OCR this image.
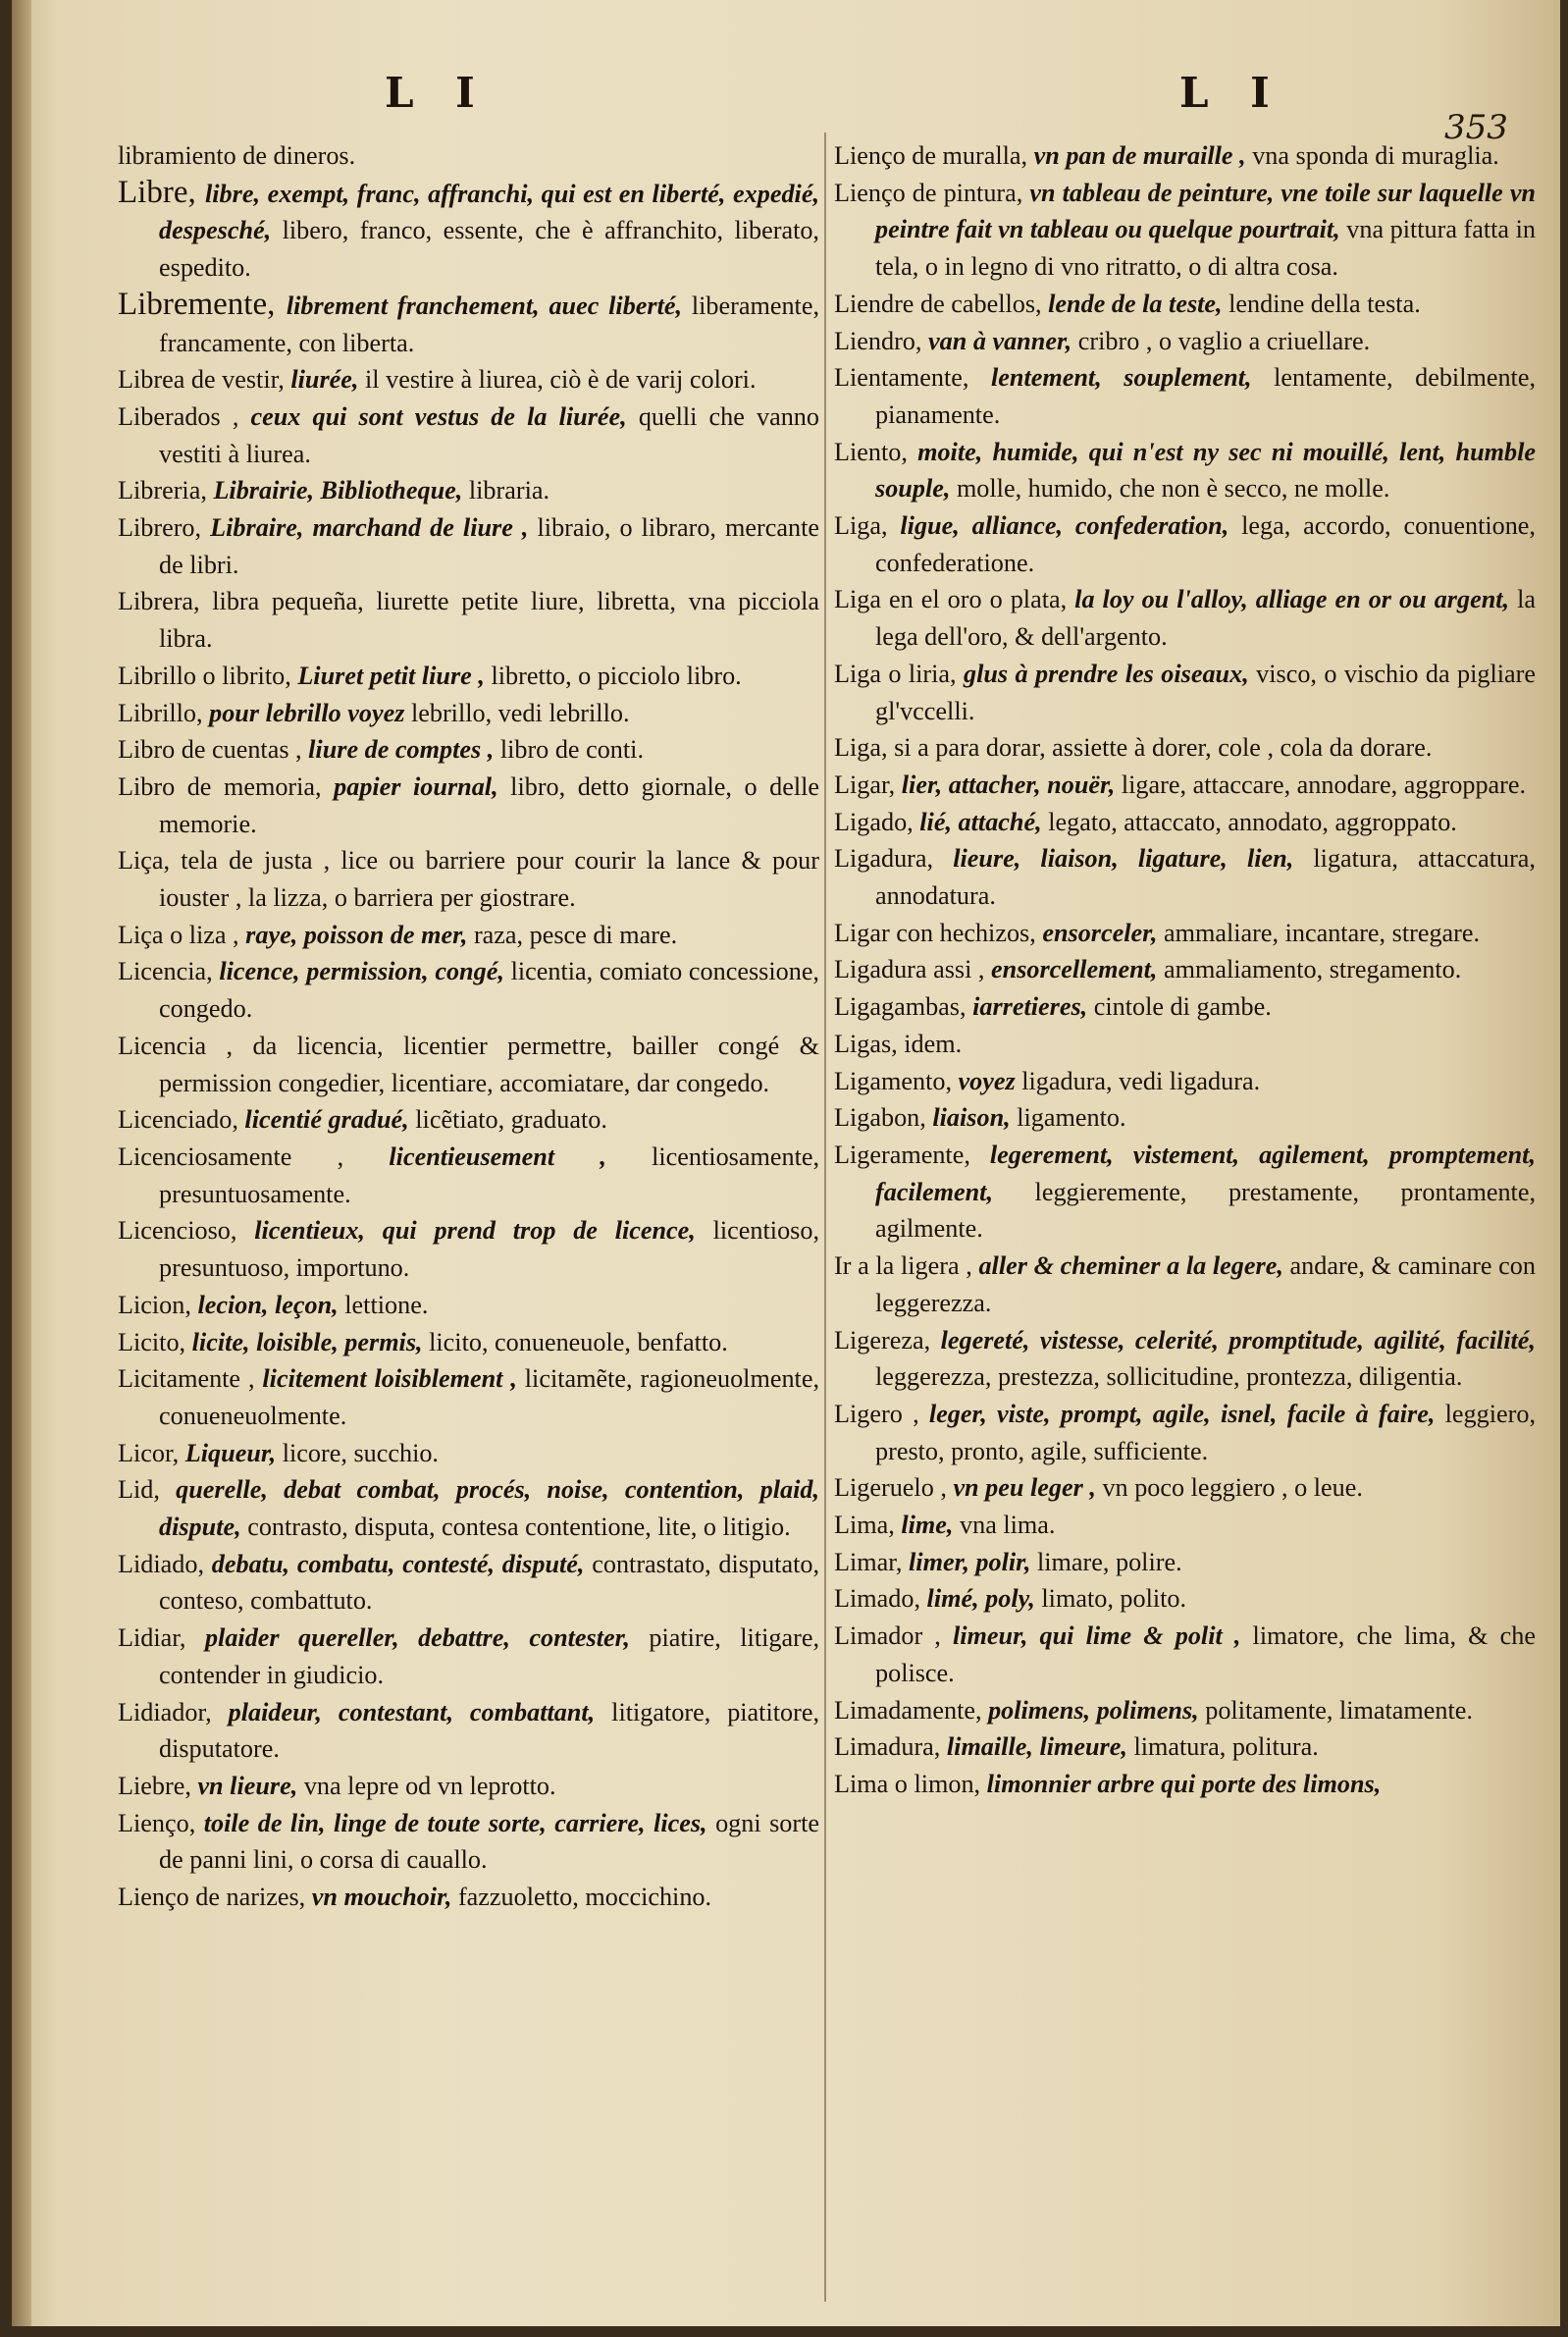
L I	L I
353
libramiento de dineros.
Libre, libre, exempt, franc, affranchi, qui est en liberté, expedié, despesché, libero, franco, essente, che è affranchito, liberato, espedito.
Libremente, librement franchement, auec liberté, liberamente, francamente, con liberta.
Librea de vestir, liurée, il vestire à liurea, ciò è de varij colori.
Liberados , ceux qui sont vestus de la liurée, quelli che vanno vestiti à liurea.
Libreria, Librairie, Bibliotheque, libraria.
Librero, Libraire, marchand de liure , libraio, o libraro, mercante de libri.
Librera, libra pequeña, liurette petite liure, librettа, vna picciola libra.
Librillo o librito, Liuret petit liure , libretto, o picciolo libro.
Librillo, pour lebrillo voyez lebrillo, vedi lebrillo.
Libro de cuentas , liure de comptes , libro de conti.
Libro de memoria, papier iournal, libro, detto giornale, o delle memorie.
Liça, tela de justa , lice ou barriere pour courir la lance & pour iouster , la lizza, o barriera per giostrare.
Liça o liza , raye, poisson de mer, raza, pesce di mare.
Licencia, licence, permission, congé, licentia, comiato concessione, congedo.
Licencia , da licencia, licentier permettre, bailler congé & permission congedier, licentiare, accomiatare, dar congedo.
Licenciado, licentié gradué, licẽtiato, graduato.
Licenciosamente , licentieusement , licentiosamente, presuntuosamente.
Licencioso, licentieux, qui prend trop de licence, licentioso, presuntuoso, importuno.
Licion, lecion, leçon, lettione.
Licito, licite, loisible, permis, licito, conueneuole, benfatto.
Licitamente , licitement loisiblement , licitamẽte, ragioneuolmente, conueneuolmente.
Licor, Liqueur, licore, succhio.
Lid, querelle, debat combat, procés, noise, contention, plaid, dispute, contrasto, disputa, contesa contentione, lite, o litigio.
Lidiado, debatu, combatu, contesté, disputé, contrastato, disputato, conteso, combattuto.
Lidiar, plaider quereller, debattre, contester, piatire, litigare, contender in giudicio.
Lidiador, plaideur, contestant, combattant, litigatore, piatitore, disputatore.
Liebre, vn lieure, vna lepre od vn leprotto.
Lienço, toile de lin, linge de toute sorte, carriere, lices, ogni sorte de panni lini, o corsa di cauallo.
Lienço de narizes, vn mouchoir, fazzuoletto, moccichino.
Lienço de muralla, vn pan de muraille , vna sponda di muraglia.
Lienço de pintura, vn tableau de peinture, vne toile sur laquelle vn peintre fait vn tableau ou quelque pourtrait, vna pittura fatta in tela, o in legno di vno ritratto, o di altra cosa.
Liendre de cabellos, lende de la teste, lendine della testa.
Liendro, van à vanner, cribro , o vaglio a criuellare.
Lientamente, lentement, souplement, lentamente, debilmente, pianamente.
Liento, moite, humide, qui n'est ny sec ni mouillé, lent, humble souple, molle, humido, che non è secco, ne molle.
Liga, ligue, alliance, confederation, lega, accordo, conuentione, confederatione.
Liga en el oro o plata, la loy ou l'alloy, alliage en or ou argent, la lega dell'oro, & dell'argento.
Liga o liria, glus à prendre les oiseaux, visco, o vischio da pigliare gl'vccelli.
Liga, si a para dorar, assiette à dorer, cole , cola da dorare.
Ligar, lier, attacher, nouër, ligare, attaccare, annodare, aggroppare.
Ligado, lié, attaché, legato, attaccato, annodato, aggroppato.
Ligadura, lieure, liaison, ligature, lien, ligatura, attaccatura, annodatura.
Ligar con hechizos, ensorceler, ammaliare, incantare, stregare.
Ligadura assi , ensorcellement, ammaliamento, stregamento.
Ligagambas, iarretieres, cintole di gambe.
Ligas, idem.
Ligamento, voyez ligadura, vedi ligadura.
Ligabon, liaison, ligamento.
Ligeramente, legerement, vistement, agilement, promptement, facilement, leggieremente, prestamente, prontamente, agilmente.
Ir a la ligera , aller & cheminer a la legere, andare, & caminare con leggerezza.
Ligereza, legereté, vistesse, celerité, promptitude, agilité, facilité, leggerezza, prestezza, sollicitudine, prontezza, diligentia.
Ligero , leger, viste, prompt, agile, isnel, facile à faire, leggiero, presto, pronto, agile, sufficiente.
Ligeruelo , vn peu leger , vn poco leggiero , o leue.
Lima, lime, vna lima.
Limar, limer, polir, limare, polire.
Limado, limé, poly, limato, polito.
Limador , limeur, qui lime & polit , limatore, che lima, & che polisce.
Limadamente, polimens, polimens, politamente, limatamente.
Limadura, limaille, limeure, limatura, politura.
Lima o limon, limonnier arbre qui porte des limons,
